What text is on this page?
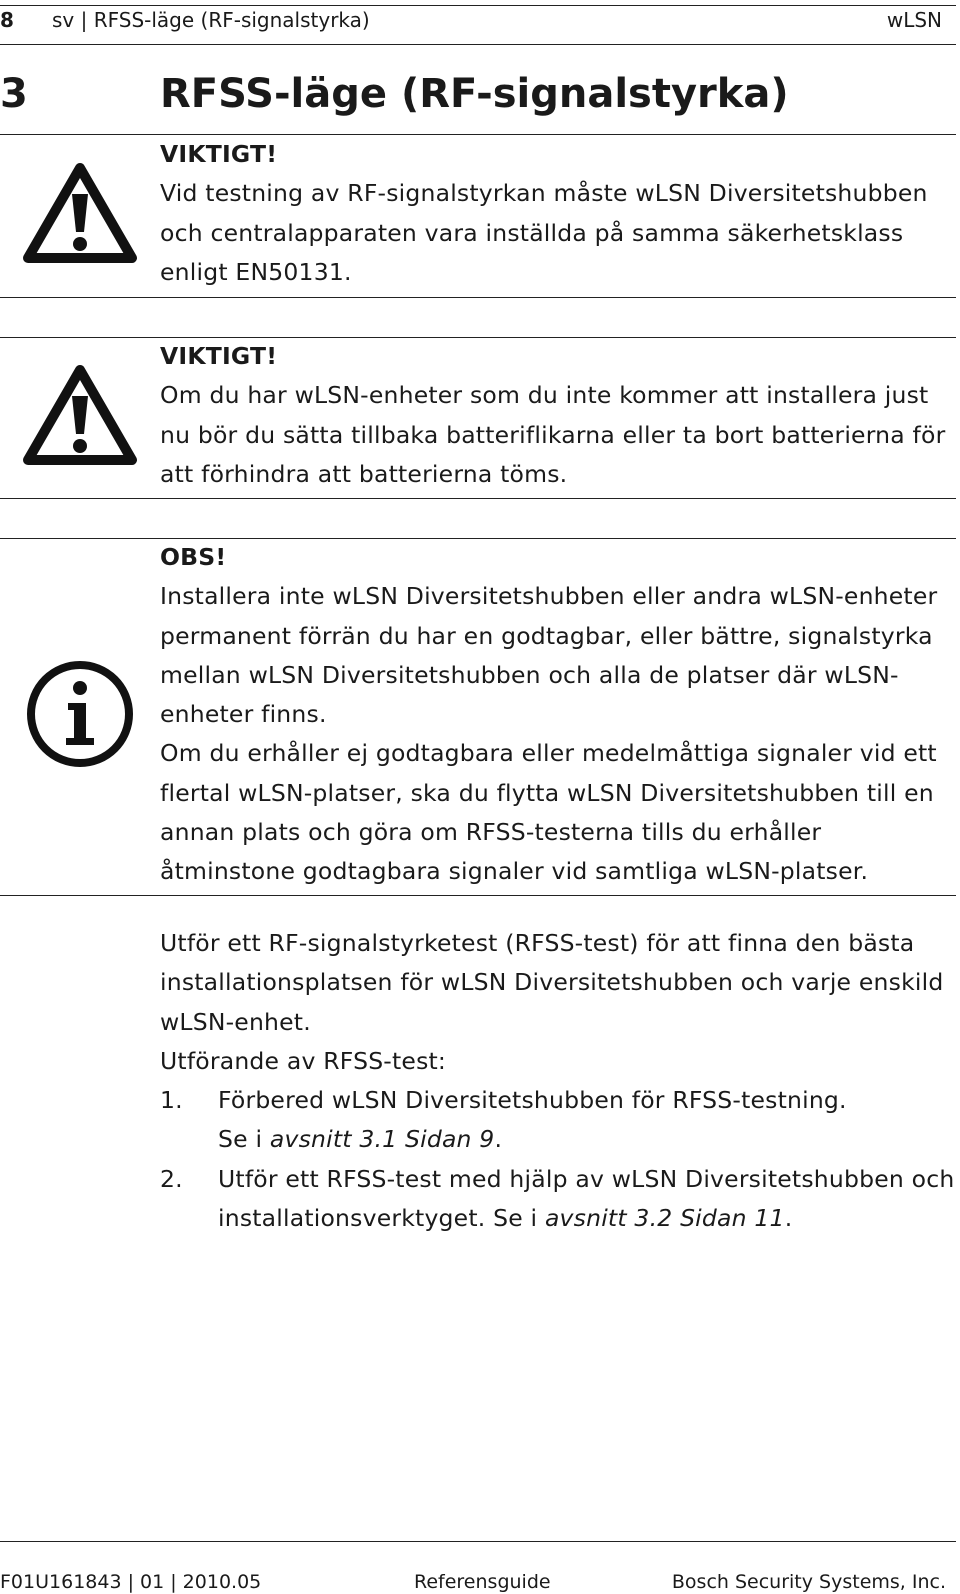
8 sv | RFSS-läge (RF-signalstyrka)	wLSN
3	RFSS-läge (RF-signalstyrka)
VIKTIGT!
Vid testning av RF-signalstyrkan måste wLSN Diversitetshubben och centralapparaten vara inställda på samma säkerhetsklass enligt EN50131.
VIKTIGT!
Om du har wLSN-enheter som du inte kommer att installera just nu bör du sätta tillbaka batteriflikarna eller ta bort batterierna för att förhindra att batterierna töms.
OBS!
Installera inte wLSN Diversitetshubben eller andra wLSN-enheter permanent förrän du har en godtagbar, eller bättre, signalstyrka mellan wLSN Diversitetshubben och alla de platser där wLSN-enheter finns.
Om du erhåller ej godtagbara eller medelmåttiga signaler vid ett flertal wLSN-platser, ska du flytta wLSN Diversitetshubben till en annan plats och göra om RFSS-testerna tills du erhåller åtminstone godtagbara signaler vid samtliga wLSN-platser.
Utför ett RF-signalstyrketest (RFSS-test) för att finna den bästa installationsplatsen för wLSN Diversitetshubben och varje enskild wLSN-enhet.
Utförande av RFSS-test:
1. Förbered wLSN Diversitetshubben för RFSS-testning.
Se i avsnitt 3.1 Sidan 9.
2. Utför ett RFSS-test med hjälp av wLSN Diversitetshubben och installationsverktyget. Se i avsnitt 3.2 Sidan 11.
F01U161843 | 01 | 2010.05	Referensguide	Bosch Security Systems, Inc.
